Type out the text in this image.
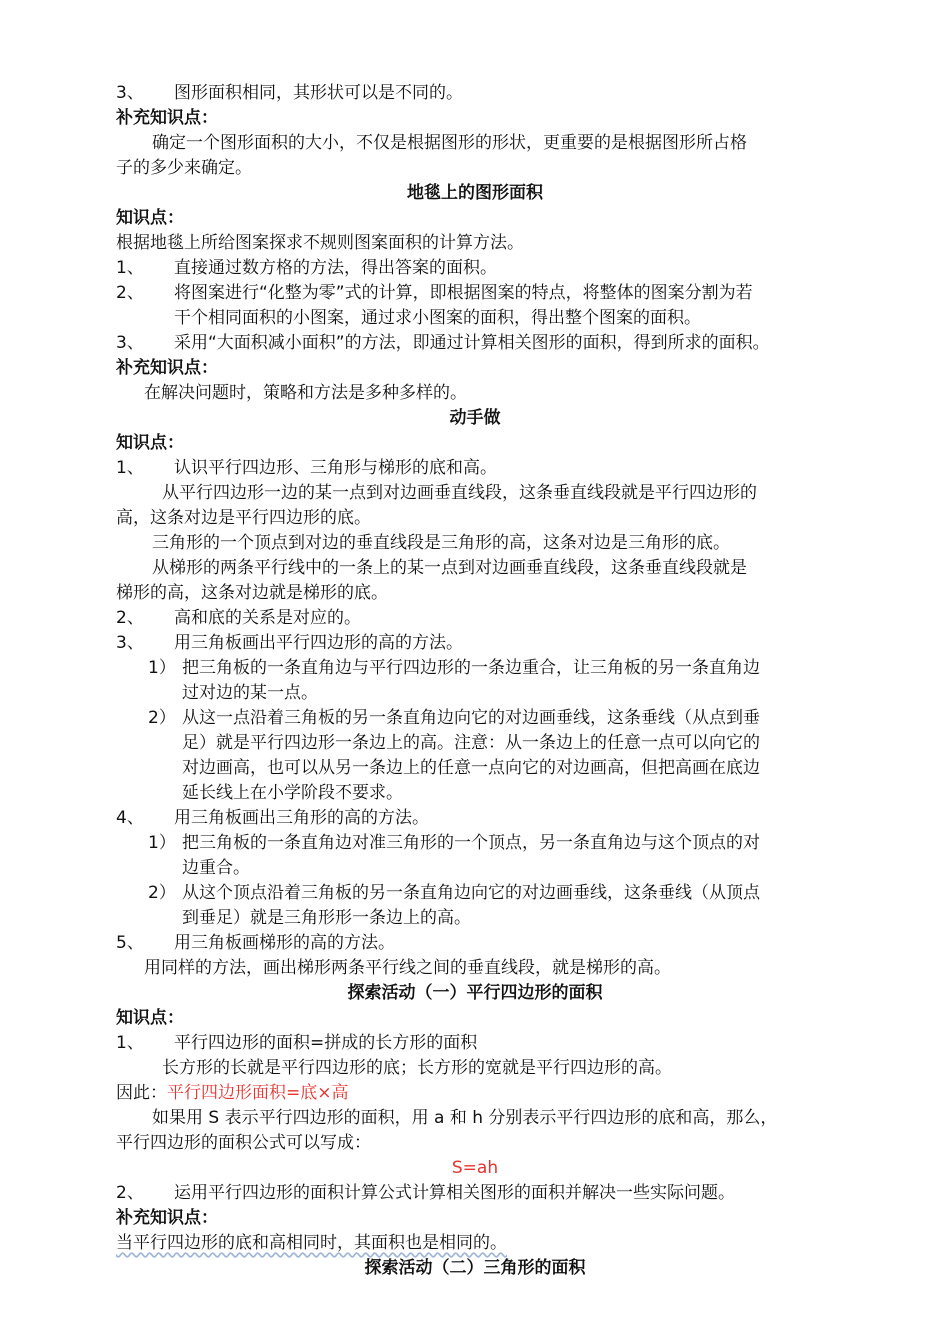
3、 图形面积相同，其形状可以是不同的。
补充知识点：
确定一个图形面积的大小，不仅是根据图形的形状，更重要的是根据图形所占格
子的多少来确定。
地毯上的图形面积
知识点：
根据地毯上所给图案探求不规则图案面积的计算方法。
1、 直接通过数方格的方法，得出答案的面积。
2、 将图案进行“化整为零”式的计算，即根据图案的特点，将整体的图案分割为若
干个相同面积的小图案，通过求小图案的面积，得出整个图案的面积。
3、 采用“大面积减小面积”的方法，即通过计算相关图形的面积，得到所求的面积。
补充知识点：
在解决问题时，策略和方法是多种多样的。
动手做
知识点：
1、 认识平行四边形、三角形与梯形的底和高。
从平行四边形一边的某一点到对边画垂直线段，这条垂直线段就是平行四边形的
高，这条对边是平行四边形的底。
三角形的一个顶点到对边的垂直线段是三角形的高，这条对边是三角形的底。
从梯形的两条平行线中的一条上的某一点到对边画垂直线段，这条垂直线段就是
梯形的高，这条对边就是梯形的底。
2、 高和底的关系是对应的。
3、 用三角板画出平行四边形的高的方法。
1） 把三角板的一条直角边与平行四边形的一条边重合，让三角板的另一条直角边
过对边的某一点。
2） 从这一点沿着三角板的另一条直角边向它的对边画垂线，这条垂线（从点到垂
足）就是平行四边形一条边上的高。注意：从一条边上的任意一点可以向它的
对边画高，也可以从另一条边上的任意一点向它的对边画高，但把高画在底边
延长线上在小学阶段不要求。
4、 用三角板画出三角形的高的方法。
1） 把三角板的一条直角边对准三角形的一个顶点，另一条直角边与这个顶点的对
边重合。
2） 从这个顶点沿着三角板的另一条直角边向它的对边画垂线，这条垂线（从顶点
到垂足）就是三角形形一条边上的高。
5、 用三角板画梯形的高的方法。
用同样的方法，画出梯形两条平行线之间的垂直线段，就是梯形的高。
探索活动（一）平行四边形的面积
知识点：
1、 平行四边形的面积=拼成的长方形的面积
长方形的长就是平行四边形的底；长方形的宽就是平行四边形的高。
因此：平行四边形面积=底×高
如果用 S 表示平行四边形的面积，用 a 和 h 分别表示平行四边形的底和高，那么，
平行四边形的面积公式可以写成：
S=ah
2、 运用平行四边形的面积计算公式计算相关图形的面积并解决一些实际问题。
补充知识点：
当平行四边形的底和高相同时，其面积也是相同的。
探索活动（二）三角形的面积
